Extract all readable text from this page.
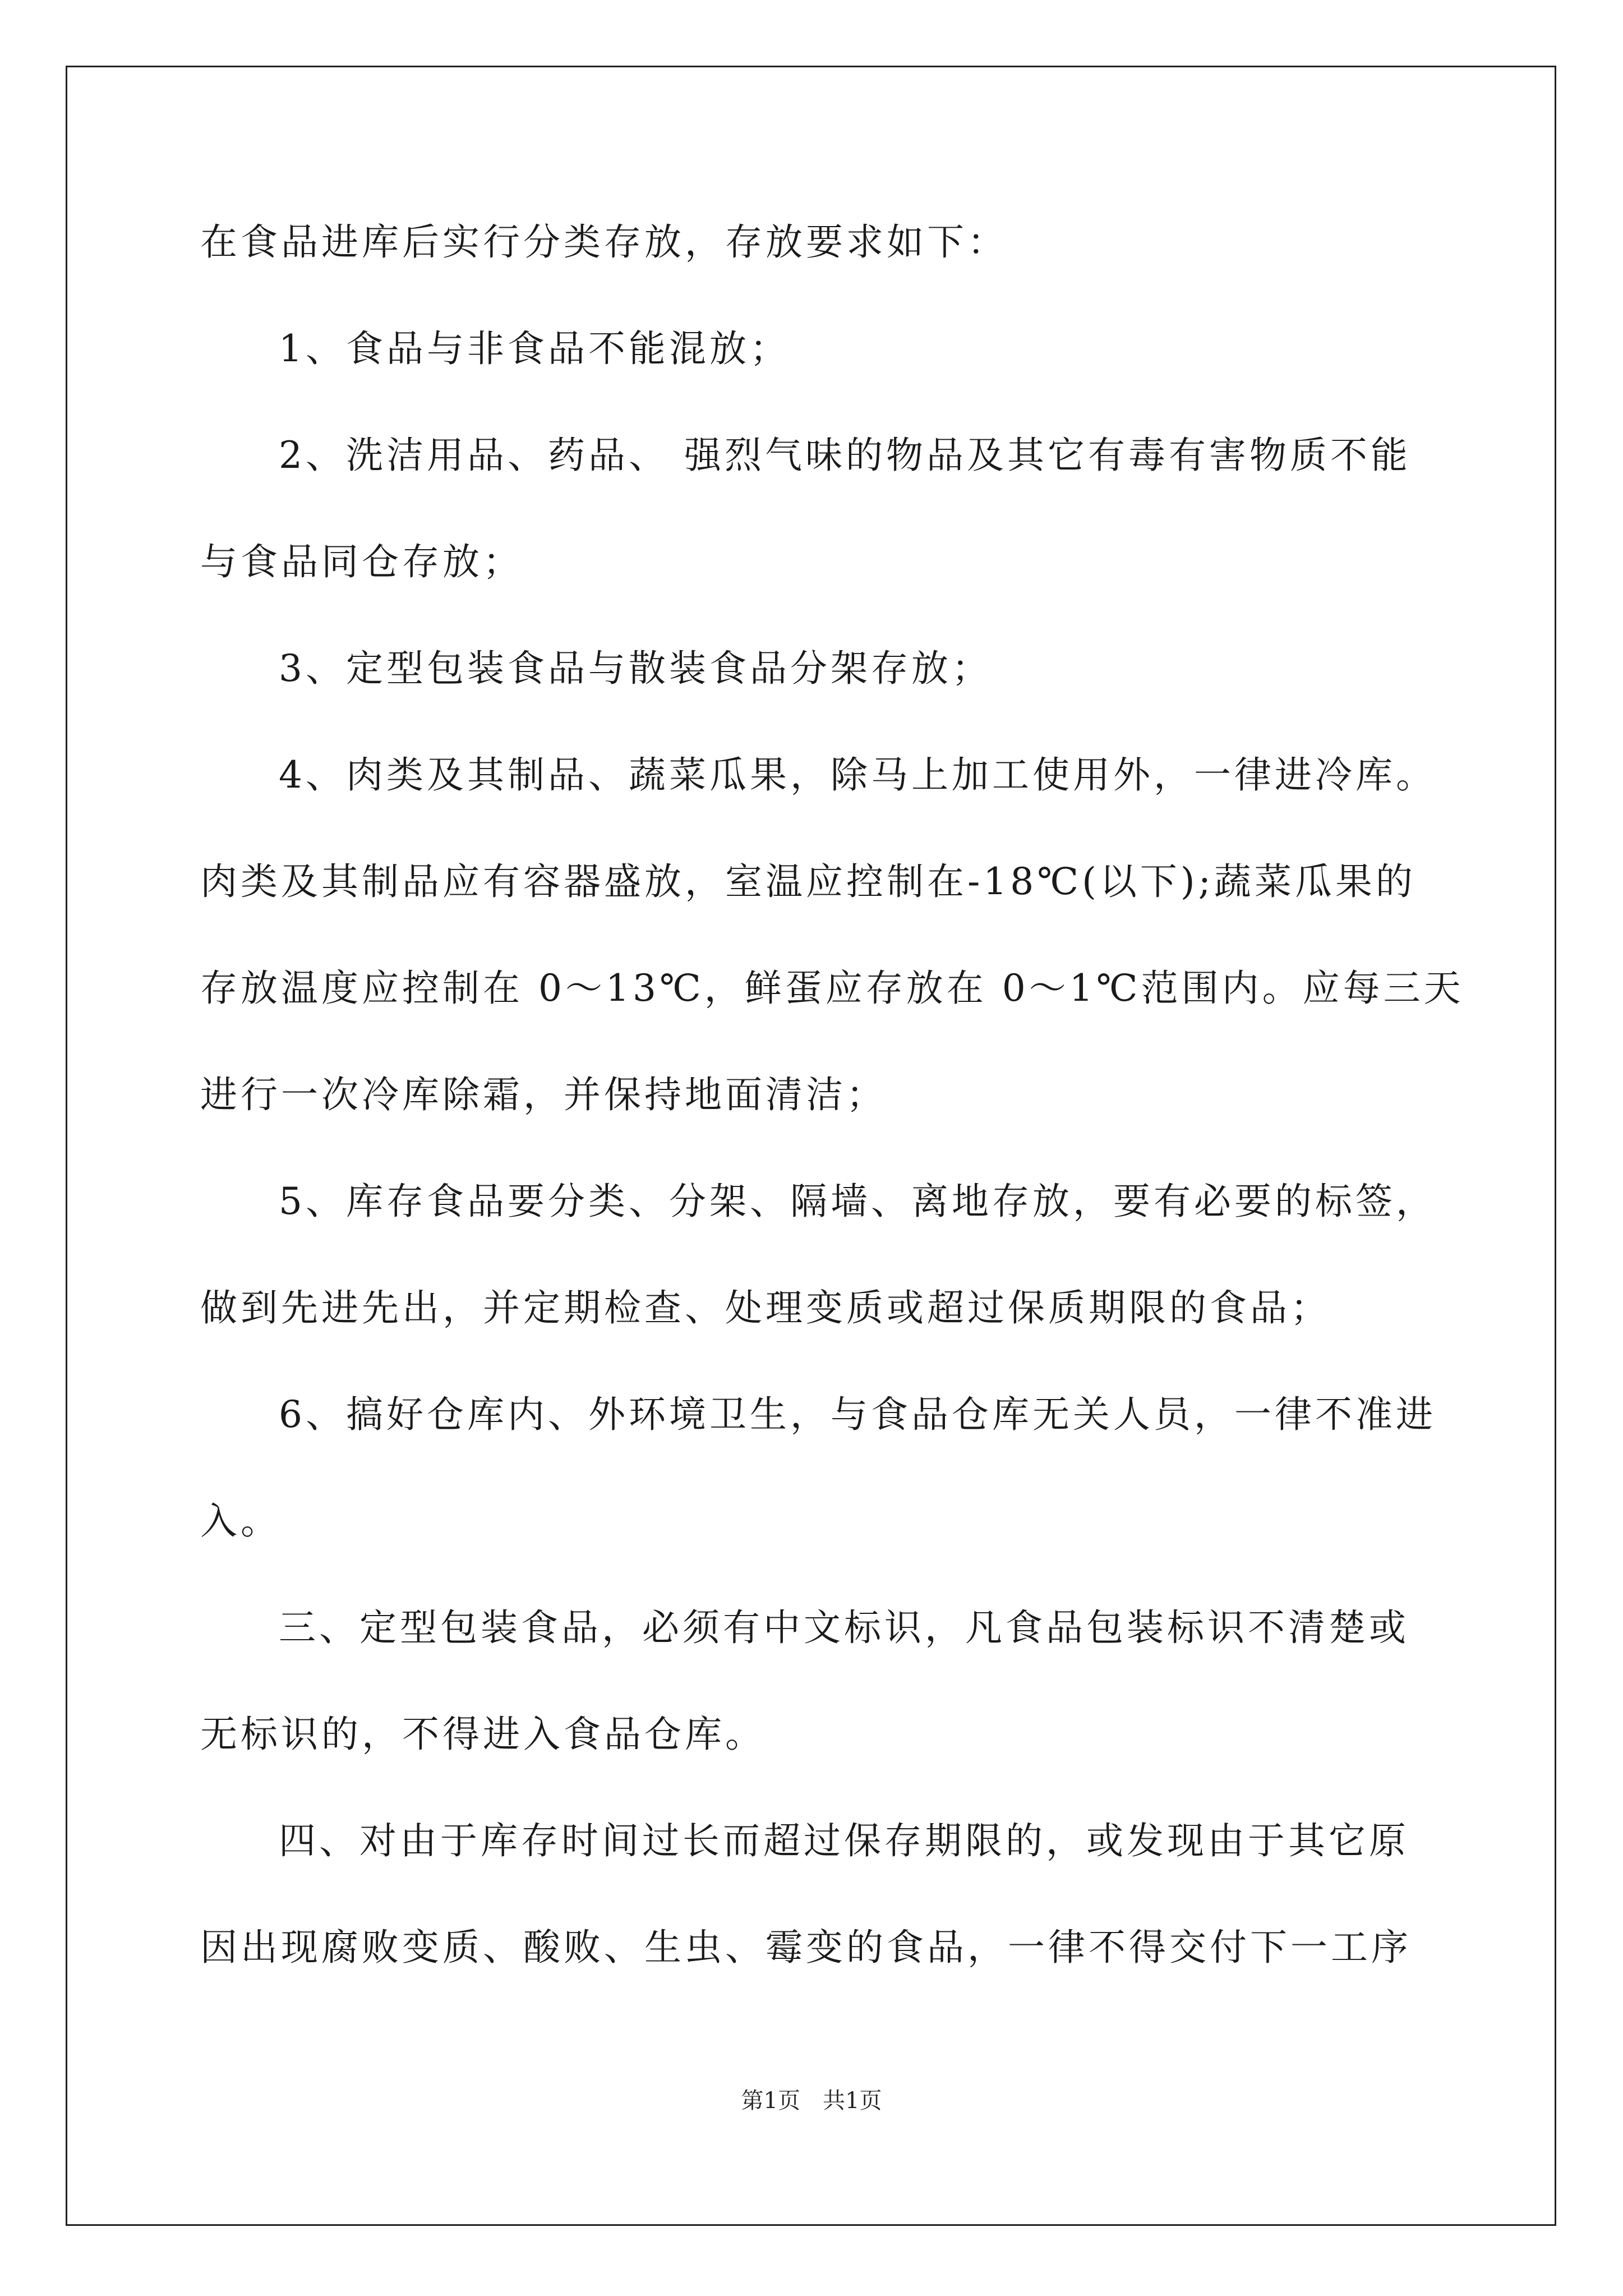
在食品进库后实行分类存放，存放要求如下：
1、食品与非食品不能混放；
2、洗洁用品、药品、 强烈气味的物品及其它有毒有害物质不能
与食品同仓存放；
3、定型包装食品与散装食品分架存放；
4、肉类及其制品、蔬菜瓜果，除马上加工使用外，一律进冷库。
肉类及其制品应有容器盛放，室温应控制在-18℃(以下);蔬菜瓜果的
存放温度应控制在 0～13℃，鲜蛋应存放在 0～1℃范围内。应每三天
进行一次冷库除霜，并保持地面清洁；
5、库存食品要分类、分架、隔墙、离地存放，要有必要的标签，
做到先进先出，并定期检查、处理变质或超过保质期限的食品；
6、搞好仓库内、外环境卫生，与食品仓库无关人员，一律不准进
入。
三、定型包装食品，必须有中文标识，凡食品包装标识不清楚或
无标识的，不得进入食品仓库。
四、对由于库存时间过长而超过保存期限的，或发现由于其它原
因出现腐败变质、酸败、生虫、霉变的食品，一律不得交付下一工序
第1页　共1页
